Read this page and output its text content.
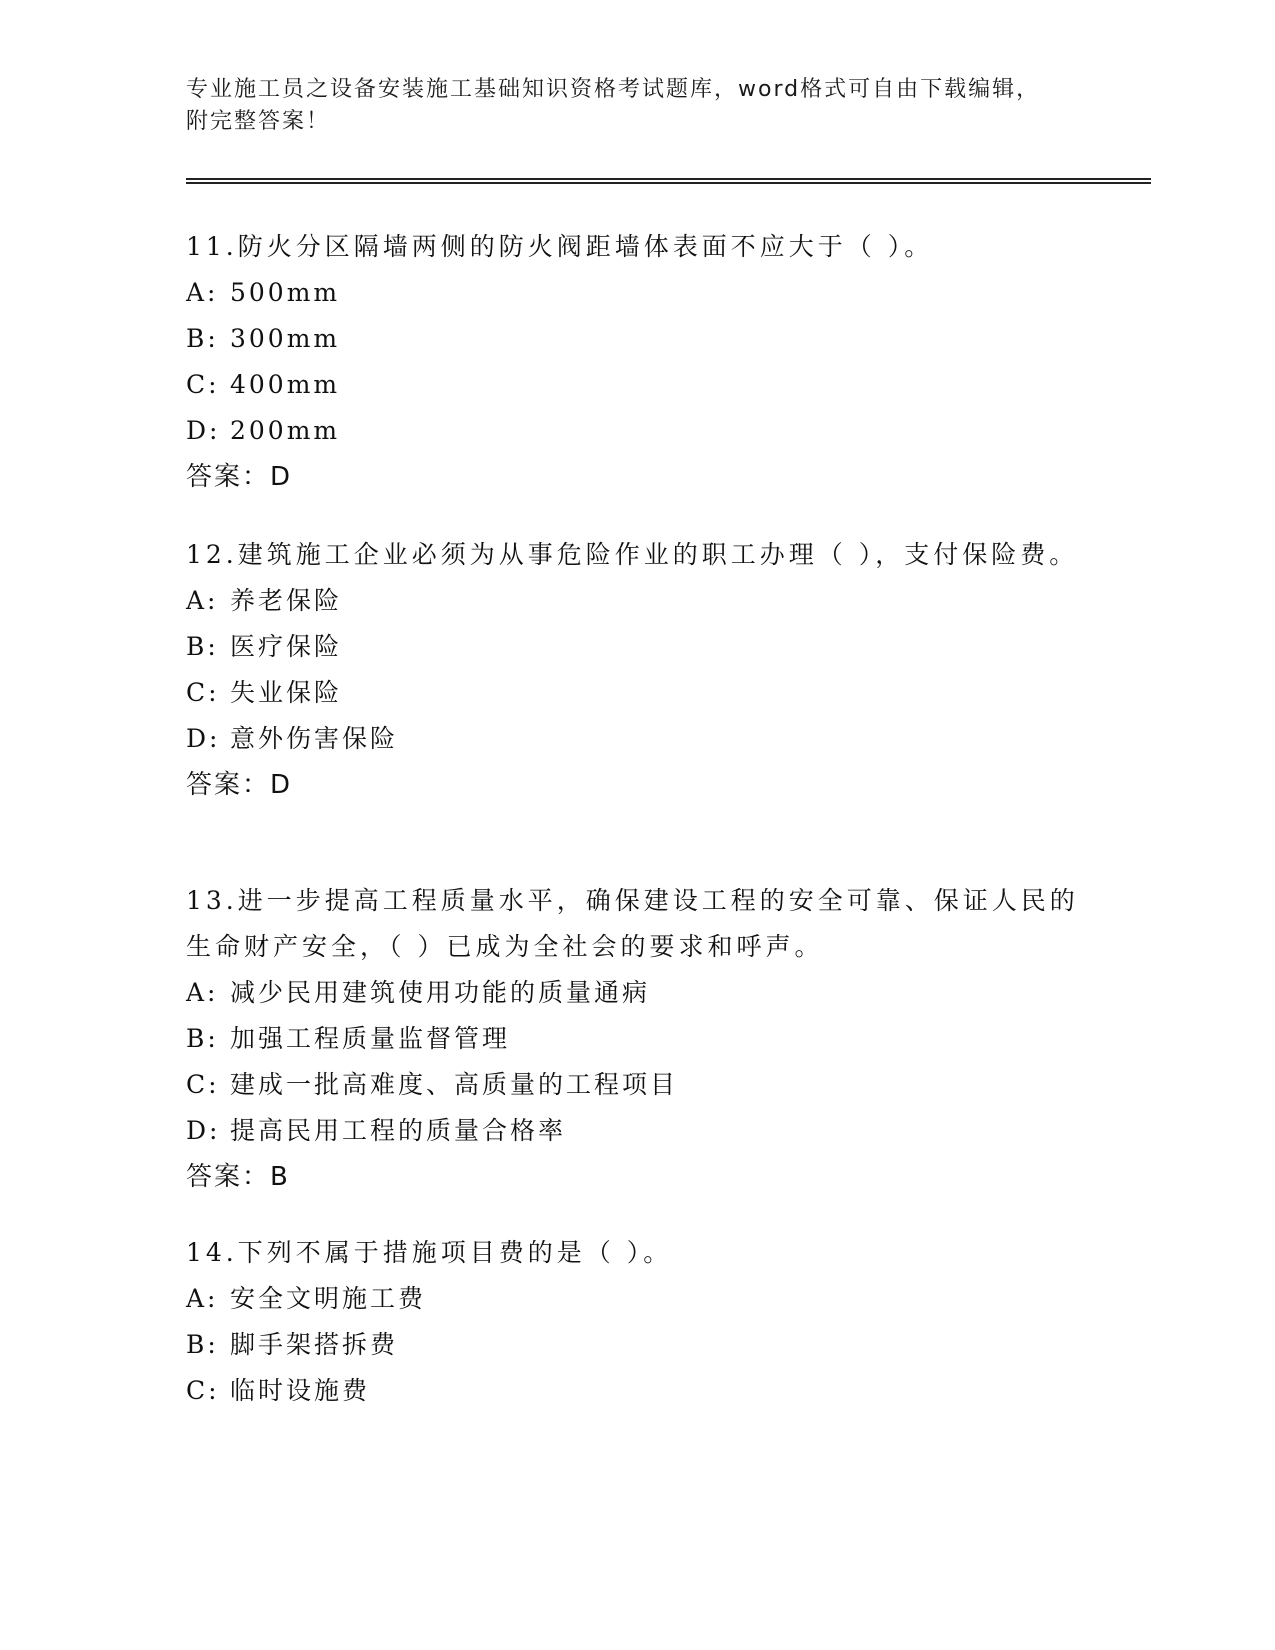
专业施工员之设备安装施工基础知识资格考试题库，word格式可自由下载编辑，
附完整答案！
11.防火分区隔墙两侧的防火阀距墙体表面不应大于（ ）。
A: 500mm
B: 300mm
C: 400mm
D: 200mm
答案：D
12.建筑施工企业必须为从事危险作业的职工办理（ ），支付保险费。
A: 养老保险
B: 医疗保险
C: 失业保险
D: 意外伤害保险
答案：D
13.进一步提高工程质量水平，确保建设工程的安全可靠、保证人民的生命财产安全，（ ）已成为全社会的要求和呼声。
A: 减少民用建筑使用功能的质量通病
B: 加强工程质量监督管理
C: 建成一批高难度、高质量的工程项目
D: 提高民用工程的质量合格率
答案：B
14.下列不属于措施项目费的是（ ）。
A: 安全文明施工费
B: 脚手架搭拆费
C: 临时设施费
